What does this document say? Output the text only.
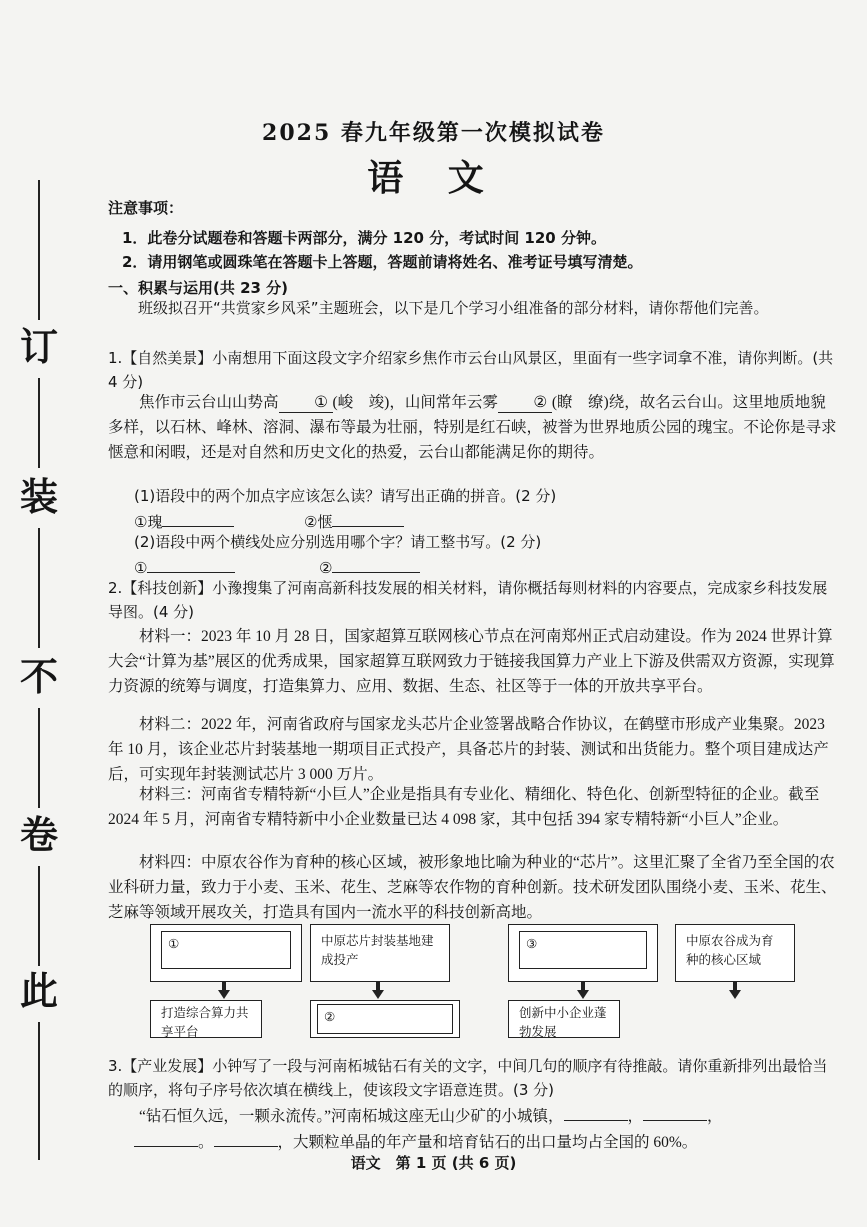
订
装
不
卷
此
2025 春九年级第一次模拟试卷
语 文
注意事项：
1．此卷分试题卷和答题卡两部分，满分 120 分，考试时间 120 分钟。
2．请用钢笔或圆珠笔在答题卡上答题，答题前请将姓名、准考证号填写清楚。
一、积累与运用(共 23 分)
班级拟召开“共赏家乡风采”主题班会，以下是几个学习小组准备的部分材料，请你帮他们完善。
1.【自然美景】小南想用下面这段文字介绍家乡焦作市云台山风景区，里面有一些字词拿不准，请你判断。(共 4 分)
焦作市云台山山势高 ① (峻　竣)，山间常年云雾 ② (瞭　缭)绕，故名云台山。这里地质地貌多样，以石林、峰林、溶洞、瀑布等最为壮丽，特别是红石峡，被誉为世界地质公园的瑰宝。不论你是寻求惬意和闲暇，还是对自然和历史文化的热爱，云台山都能满足你的期待。
(1)语段中的两个加点字应该怎么读？请写出正确的拼音。(2 分)
①瑰	②惬
(2)语段中两个横线处应分别选用哪个字？请工整书写。(2 分)
①	②
2.【科技创新】小豫搜集了河南高新科技发展的相关材料，请你概括每则材料的内容要点，完成家乡科技发展导图。(4 分)
材料一：2023 年 10 月 28 日，国家超算互联网核心节点在河南郑州正式启动建设。作为 2024 世界计算大会“计算为基”展区的优秀成果，国家超算互联网致力于链接我国算力产业上下游及供需双方资源，实现算力资源的统筹与调度，打造集算力、应用、数据、生态、社区等于一体的开放共享平台。
材料二：2022 年，河南省政府与国家龙头芯片企业签署战略合作协议，在鹤壁市形成产业集聚。2023 年 10 月，该企业芯片封装基地一期项目正式投产，具备芯片的封装、测试和出货能力。整个项目建成达产后，可实现年封装测试芯片 3 000 万片。
材料三：河南省专精特新“小巨人”企业是指具有专业化、精细化、特色化、创新型特征的企业。截至 2024 年 5 月，河南省专精特新中小企业数量已达 4 098 家，其中包括 394 家专精特新“小巨人”企业。
材料四：中原农谷作为育种的核心区域，被形象地比喻为种业的“芯片”。这里汇聚了全省乃至全国的农业科研力量，致力于小麦、玉米、花生、芝麻等农作物的育种创新。技术研发团队围绕小麦、玉米、花生、芝麻等领域开展攻关，打造具有国内一流水平的科技创新高地。
①	中原芯片封装基地建成投产
③	中原农谷成为育种的核心区域
打造综合算力共享平台
②	创新中小企业蓬勃发展
3.【产业发展】小钟写了一段与河南柘城钻石有关的文字，中间几句的顺序有待推敲。请你重新排列出最恰当的顺序，将句子序号依次填在横线上，使该段文字语意连贯。(3 分)
“钻石恒久远，一颗永流传。”河南柘城这座无山少矿的小城镇，	，	，
。	，大颗粒单晶的年产量和培育钻石的出口量均占全国的 60%。
语文　第 1 页 (共 6 页)
